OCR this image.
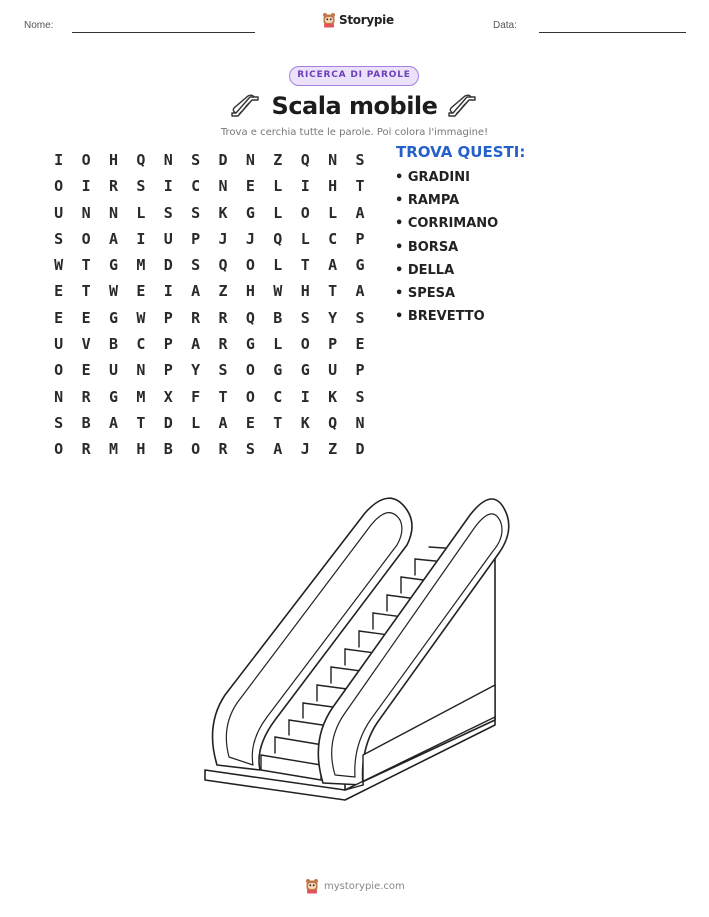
Nome:	Storypie	Data:
RICERCA DI PAROLE
Scala mobile
Trova e cerchia tutte le parole. Poi colora l'immagine!
I	O	H	Q	N	S	D	N	Z	Q	N	S
O	I	R	S	I	C	N	E	L	I	H	T
U	N	N	L	S	S	K	G	L	O	L	A
S	O	A	I	U	P	J	J	Q	L	C	P
W	T	G	M	D	S	Q	O	L	T	A	G
E	T	W	E	I	A	Z	H	W	H	T	A
E	E	G	W	P	R	R	Q	B	S	Y	S
U	V	B	C	P	A	R	G	L	O	P	E
O	E	U	N	P	Y	S	O	G	G	U	P
N	R	G	M	X	F	T	O	C	I	K	S
S	B	A	T	D	L	A	E	T	K	Q	N
O	R	M	H	B	O	R	S	A	J	Z	D
TROVA QUESTI:
• GRADINI
• RAMPA
• CORRIMANO
• BORSA
• DELLA
• SPESA
• BREVETTO
mystorypie.com
